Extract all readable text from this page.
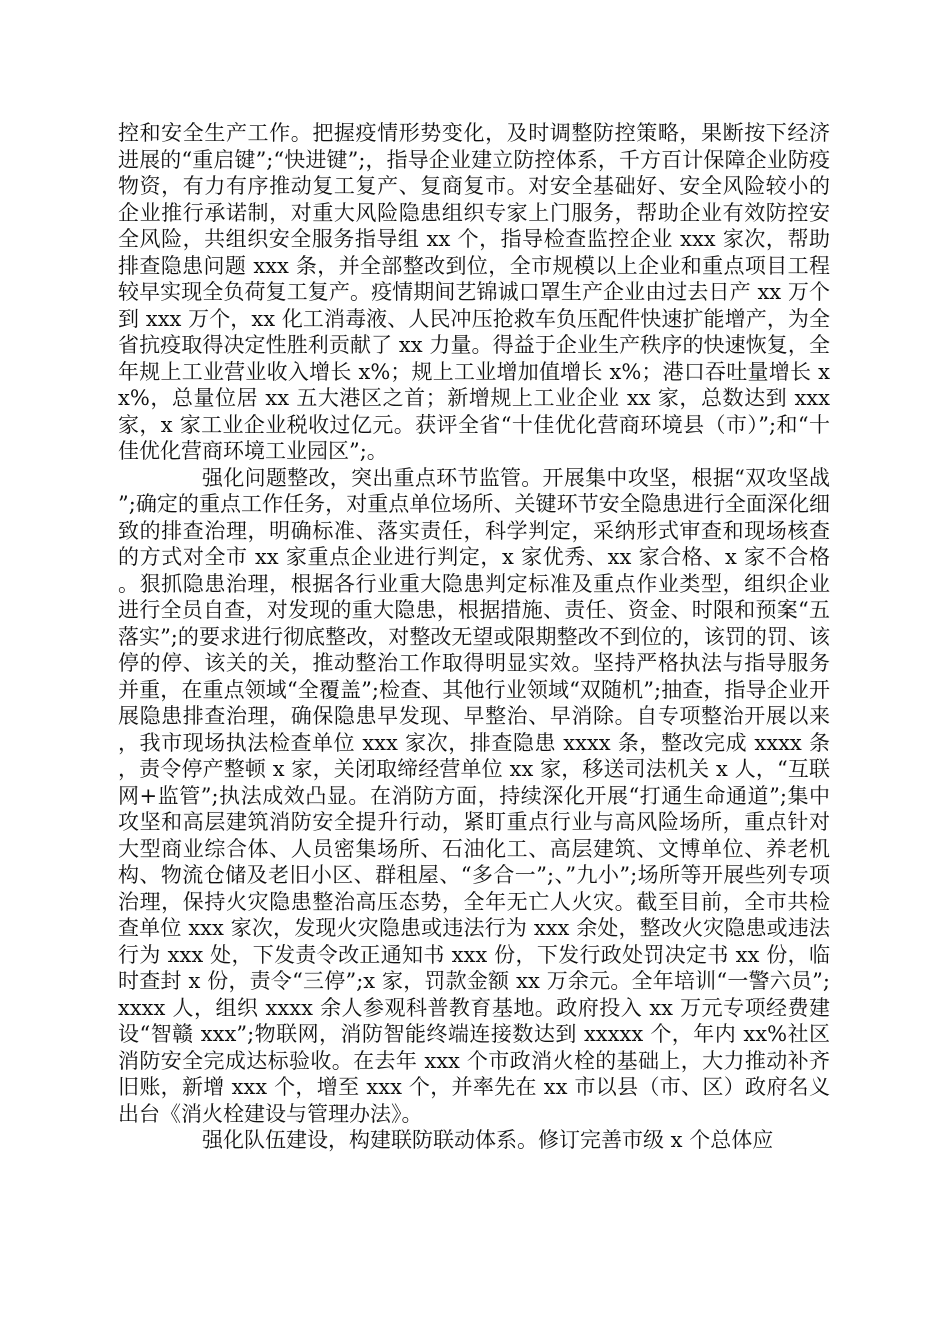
控和安全生产工作。把握疫情形势变化，及时调整防控策略，果断按下经济进展的“重启键”;“快进键”;，指导企业建立防控体系，千方百计保障企业防疫物资，有力有序推动复工复产、复商复市。对安全基础好、安全风险较小的企业推行承诺制，对重大风险隐患组织专家上门服务，帮助企业有效防控安全风险，共组织安全服务指导组 xx 个，指导检查监控企业 xxx 家次，帮助排查隐患问题 xxx 条，并全部整改到位，全市规模以上企业和重点项目工程较早实现全负荷复工复产。疫情期间艺锦诚口罩生产企业由过去日产 xx 万个到 xxx 万个，xx 化工消毒液、人民冲压抢救车负压配件快速扩能增产，为全省抗疫取得决定性胜利贡献了 xx 力量。得益于企业生产秩序的快速恢复，全年规上工业营业收入增长 x%；规上工业增加值增长 x%；港口吞吐量增长 xx%，总量位居 xx 五大港区之首；新增规上工业企业 xx 家，总数达到 xxx 家，x 家工业企业税收过亿元。获评全省“十佳优化营商环境县（市）”;和“十佳优化营商环境工业园区”;。

强化问题整改，突出重点环节监管。开展集中攻坚，根据“双攻坚战”;确定的重点工作任务，对重点单位场所、关键环节安全隐患进行全面深化细致的排查治理，明确标准、落实责任，科学判定，采纳形式审查和现场核查的方式对全市 xx 家重点企业进行判定，x 家优秀、xx 家合格、x 家不合格。狠抓隐患治理，根据各行业重大隐患判定标准及重点作业类型，组织企业进行全员自查，对发现的重大隐患，根据措施、责任、资金、时限和预案“五落实”;的要求进行彻底整改，对整改无望或限期整改不到位的，该罚的罚、该停的停、该关的关，推动整治工作取得明显实效。坚持严格执法与指导服务并重，在重点领域“全覆盖”;检查、其他行业领域“双随机”;抽查，指导企业开展隐患排查治理，确保隐患早发现、早整治、早消除。自专项整治开展以来，我市现场执法检查单位 xxx 家次，排查隐患 xxxx 条，整改完成 xxxx 条，责令停产整顿 x 家，关闭取缔经营单位 xx 家，移送司法机关 x 人，“互联网+监管”;执法成效凸显。在消防方面，持续深化开展“打通生命通道”;集中攻坚和高层建筑消防安全提升行动，紧盯重点行业与高风险场所，重点针对大型商业综合体、人员密集场所、石油化工、高层建筑、文博单位、养老机构、物流仓储及老旧小区、群租屋、“多合一”;、”九小”;场所等开展些列专项治理，保持火灾隐患整治高压态势，全年无亡人火灾。截至目前，全市共检查单位 xxx 家次，发现火灾隐患或违法行为 xxx 余处，整改火灾隐患或违法行为 xxx 处，下发责令改正通知书 xxx 份，下发行政处罚决定书 xx 份，临时查封 x 份，责令“三停”;x 家，罚款金额 xx 万余元。全年培训“一警六员”;xxxx 人，组织 xxxx 余人参观科普教育基地。政府投入 xx 万元专项经费建设“智赣 xxx”;物联网，消防智能终端连接数达到 xxxxx 个，年内 xx%社区消防安全完成达标验收。在去年 xxx 个市政消火栓的基础上，大力推动补齐旧账，新增 xxx 个，增至 xxx 个，并率先在 xx 市以县（市、区）政府名义出台《消火栓建设与管理办法》。

强化队伍建设，构建联防联动体系。修订完善市级 x 个总体应
